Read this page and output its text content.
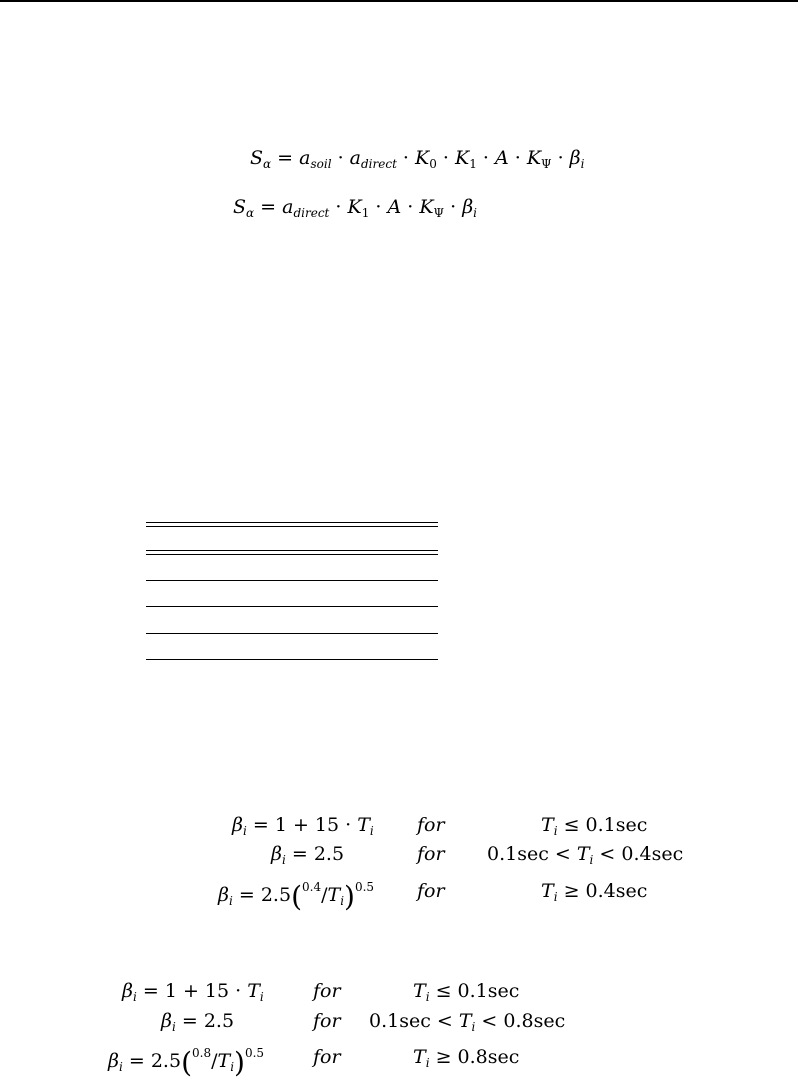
$S_\alpha = a_{soil} \cdot a_{direct} \cdot K_0 \cdot K_1 \cdot A \cdot K_\Psi \cdot \beta_i$
$S_\alpha = a_{direct} \cdot K_1 \cdot A \cdot K_\Psi \cdot \beta_i$
$\beta_i = 1 + 15 \cdot T_i$ for	$T_i \le 0.1\sec$
$\beta_i = 2.5$	for $0.1\sec < T_i < 0.4\sec$
$\beta_i = 2.5(^{0.4}/T_i)^{0.5}$ for	$T_i \ge 0.4\sec$
$\beta_i = 1 + 15 \cdot T_i$	for	$T_i \le 0.1\sec$
$\beta_i = 2.5$	for $0.1\sec < T_i < 0.8\sec$
$\beta_i = 2.5(^{0.8}/T_i)^{0.5}$	for	$T_i \ge 0.8\sec$
